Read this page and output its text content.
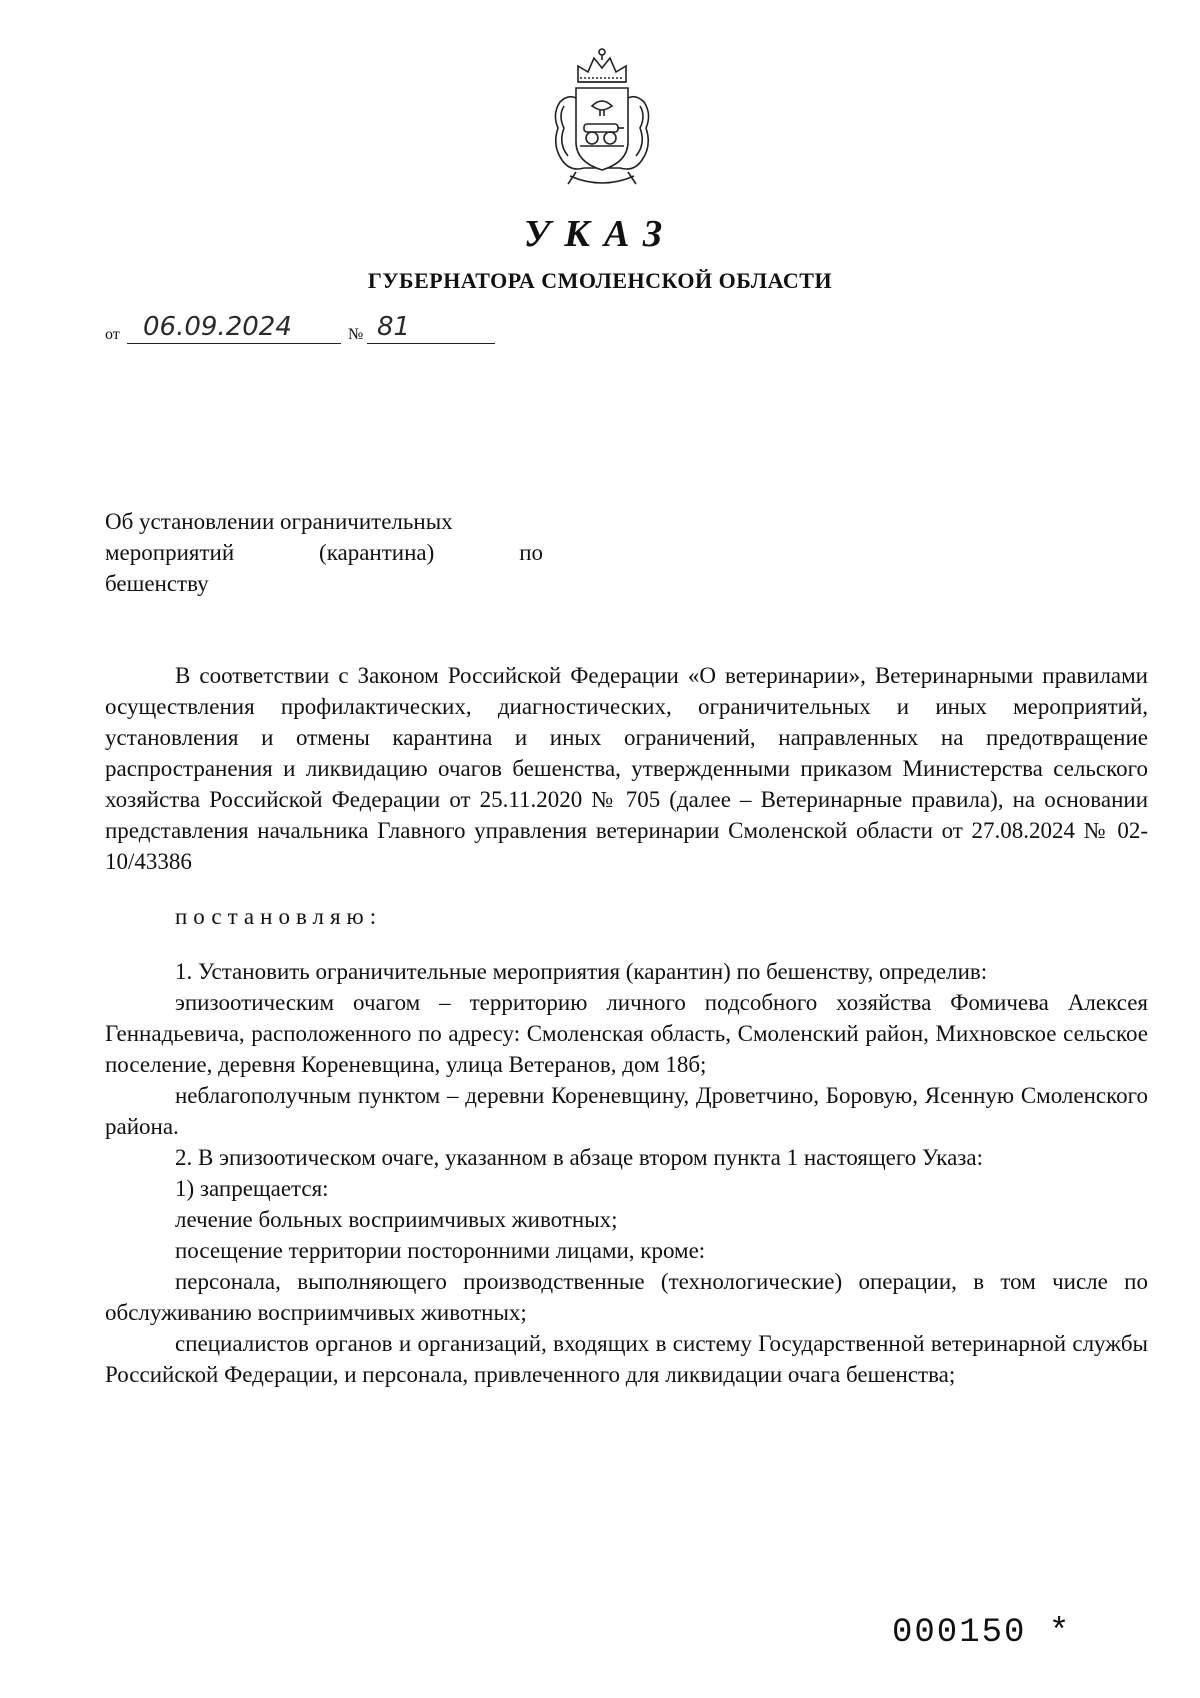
УКАЗ
ГУБЕРНАТОРА СМОЛЕНСКОЙ ОБЛАСТИ
от 06.09.2024	№ 81
Об установлении ограничительных
мероприятий (карантина) по
бешенству

В соответствии с Законом Российской Федерации «О ветеринарии», Ветеринарными правилами осуществления профилактических, диагностических, ограничительных и иных мероприятий, установления и отмены карантина и иных ограничений, направленных на предотвращение распространения и ликвидацию очагов бешенства, утвержденными приказом Министерства сельского хозяйства Российской Федерации от 25.11.2020 № 705 (далее – Ветеринарные правила), на основании представления начальника Главного управления ветеринарии Смоленской области от 27.08.2024 № 02-10/43386

постановляю:

1. Установить ограничительные мероприятия (карантин) по бешенству, определив:

эпизоотическим очагом – территорию личного подсобного хозяйства Фомичева Алексея Геннадьевича, расположенного по адресу: Смоленская область, Смоленский район, Михновское сельское поселение, деревня Кореневщина, улица Ветеранов, дом 18б;

неблагополучным пунктом – деревни Кореневщину, Дроветчино, Боровую, Ясенную Смоленского района.

2. В эпизоотическом очаге, указанном в абзаце втором пункта 1 настоящего Указа:

1) запрещается:

лечение больных восприимчивых животных;

посещение территории посторонними лицами, кроме:

персонала, выполняющего производственные (технологические) операции, в том числе по обслуживанию восприимчивых животных;

специалистов органов и организаций, входящих в систему Государственной ветеринарной службы Российской Федерации, и персонала, привлеченного для ликвидации очага бешенства;

000150 *
